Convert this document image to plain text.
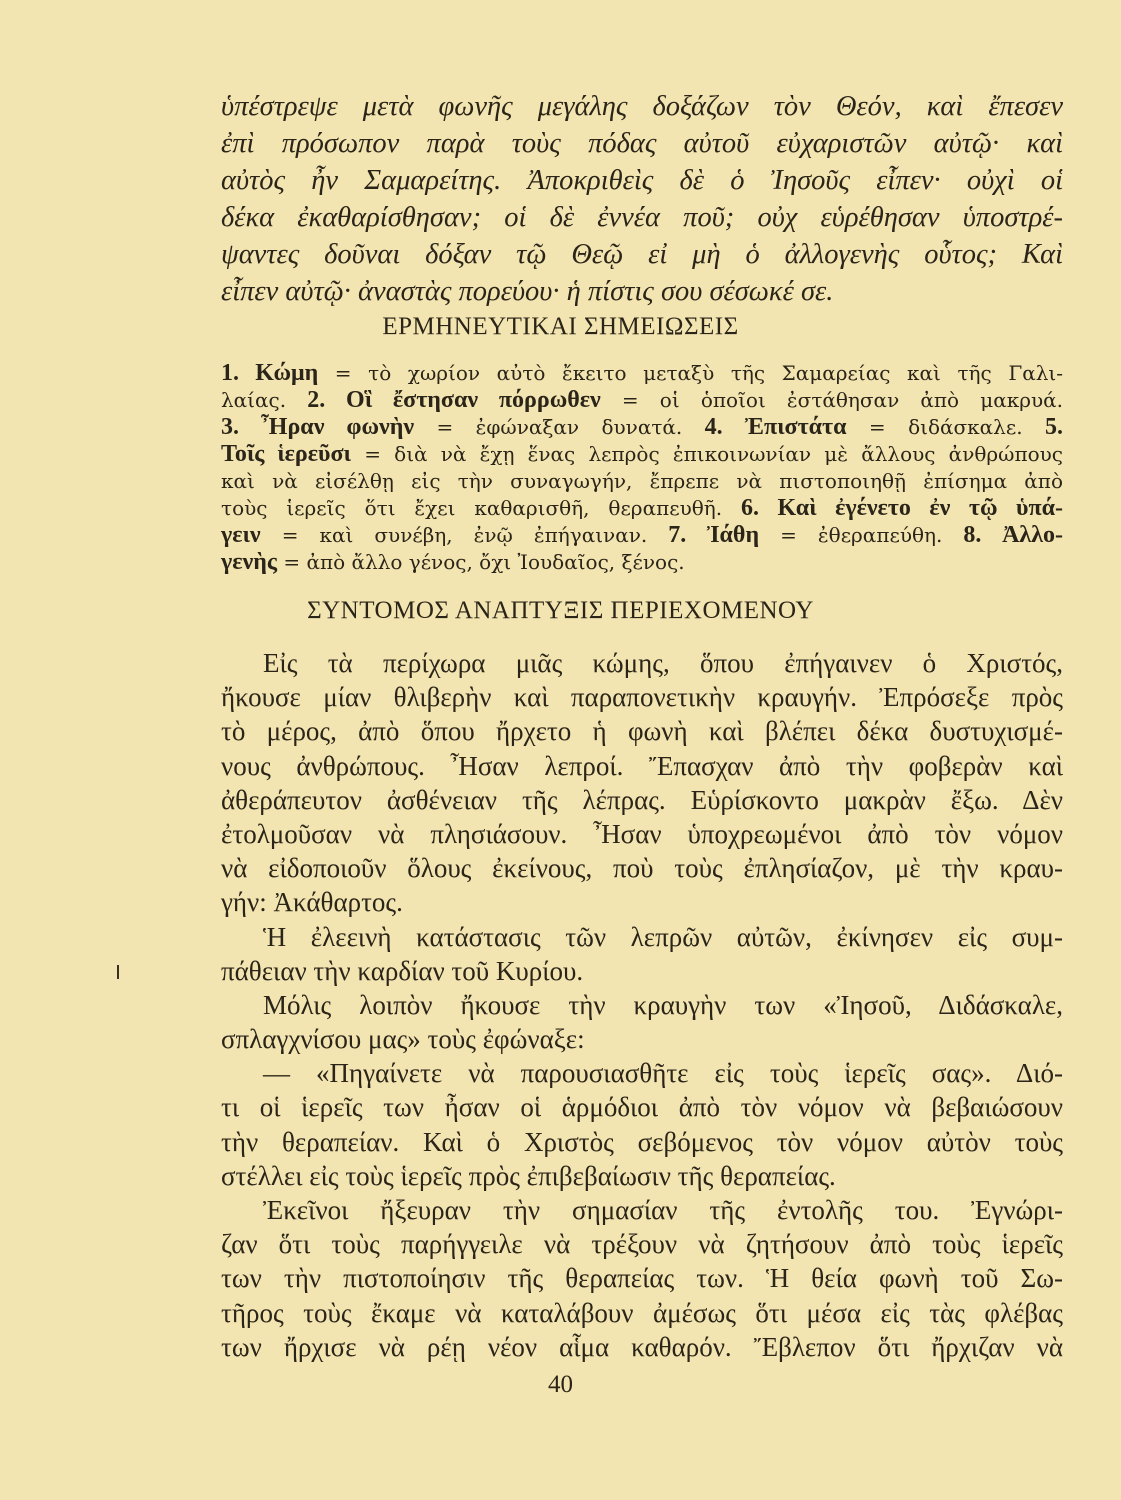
ὑπέστρεψε μετὰ φωνῆς μεγάλης δοξάζων τὸν Θεόν, καὶ ἔπεσεν
ἐπὶ πρόσωπον παρὰ τοὺς πόδας αὐτοῦ εὐχαριστῶν αὐτῷ· καὶ
αὐτὸς ἦν Σαμαρείτης. Ἀποκριθεὶς δὲ ὁ Ἰησοῦς εἶπεν· οὐχὶ οἱ
δέκα ἐκαθαρίσθησαν; οἱ δὲ ἐννέα ποῦ; οὐχ εὑρέθησαν ὑποστρέ-
ψαντες δοῦναι δόξαν τῷ Θεῷ εἰ μὴ ὁ ἀλλογενὴς οὗτος; Καὶ
εἶπεν αὐτῷ· ἀναστὰς πορεύου· ἡ πίστις σου σέσωκέ σε.
ΕΡΜΗΝΕΥΤΙΚΑΙ ΣΗΜΕΙΩΣΕΙΣ
1. Κώμη = τὸ χωρίον αὐτὸ ἔκειτο μεταξὺ τῆς Σαμαρείας καὶ τῆς Γαλι-
λαίας. 2. Οἳ ἔστησαν πόρρωθεν = οἱ ὁποῖοι ἐστάθησαν ἀπὸ μακρυά.
3. Ἦραν φωνὴν = ἐφώναξαν δυνατά. 4. Ἐπιστάτα = διδάσκαλε. 5.
Τοῖς ἱερεῦσι = διὰ νὰ ἔχῃ ἕνας λεπρὸς ἐπικοινωνίαν μὲ ἄλλους ἀνθρώπους
καὶ νὰ εἰσέλθῃ εἰς τὴν συναγωγήν, ἔπρεπε νὰ πιστοποιηθῇ ἐπίσημα ἀπὸ
τοὺς ἱερεῖς ὅτι ἔχει καθαρισθῆ, θεραπευθῆ. 6. Καὶ ἐγένετο ἐν τῷ ὑπά-
γειν = καὶ συνέβη, ἐνῷ ἐπήγαιναν. 7. Ἰάθη = ἐθεραπεύθη. 8. Ἀλλο-
γενὴς = ἀπὸ ἄλλο γένος, ὄχι Ἰουδαῖος, ξένος.
ΣΥΝΤΟΜΟΣ ΑΝΑΠΤΥΞΙΣ ΠΕΡΙΕΧΟΜΕΝΟΥ
Εἰς τὰ περίχωρα μιᾶς κώμης, ὅπου ἐπήγαινεν ὁ Χριστός,
ἤκουσε μίαν θλιβερὴν καὶ παραπονετικὴν κραυγήν. Ἐπρόσεξε πρὸς
τὸ μέρος, ἀπὸ ὅπου ἤρχετο ἡ φωνὴ καὶ βλέπει δέκα δυστυχισμέ-
νους ἀνθρώπους. Ἦσαν λεπροί. Ἔπασχαν ἀπὸ τὴν φοβερὰν καὶ
ἀθεράπευτον ἀσθένειαν τῆς λέπρας. Εὑρίσκοντο μακρὰν ἔξω. Δὲν
ἐτολμοῦσαν νὰ πλησιάσουν. Ἦσαν ὑποχρεωμένοι ἀπὸ τὸν νόμον
νὰ εἰδοποιοῦν ὅλους ἐκείνους, ποὺ τοὺς ἐπλησίαζον, μὲ τὴν κραυ-
γήν: Ἀκάθαρτος.
Ἡ ἐλεεινὴ κατάστασις τῶν λεπρῶν αὐτῶν, ἐκίνησεν εἰς συμ-
πάθειαν τὴν καρδίαν τοῦ Κυρίου.
Μόλις λοιπὸν ἤκουσε τὴν κραυγὴν των «Ἰησοῦ, Διδάσκαλε,
σπλαγχνίσου μας» τοὺς ἐφώναξε:
— «Πηγαίνετε νὰ παρουσιασθῆτε εἰς τοὺς ἱερεῖς σας». Διό-
τι οἱ ἱερεῖς των ἦσαν οἱ ἁρμόδιοι ἀπὸ τὸν νόμον νὰ βεβαιώσουν
τὴν θεραπείαν. Καὶ ὁ Χριστὸς σεβόμενος τὸν νόμον αὐτὸν τοὺς
στέλλει εἰς τοὺς ἱερεῖς πρὸς ἐπιβεβαίωσιν τῆς θεραπείας.
Ἐκεῖνοι ἤξευραν τὴν σημασίαν τῆς ἐντολῆς του. Ἐγνώρι-
ζαν ὅτι τοὺς παρήγγειλε νὰ τρέξουν νὰ ζητήσουν ἀπὸ τοὺς ἱερεῖς
των τὴν πιστοποίησιν τῆς θεραπείας των. Ἡ θεία φωνὴ τοῦ Σω-
τῆρος τοὺς ἔκαμε νὰ καταλάβουν ἀμέσως ὅτι μέσα εἰς τὰς φλέβας
των ἤρχισε νὰ ρέῃ νέον αἷμα καθαρόν. Ἔβλεπον ὅτι ἤρχιζαν νὰ
40
